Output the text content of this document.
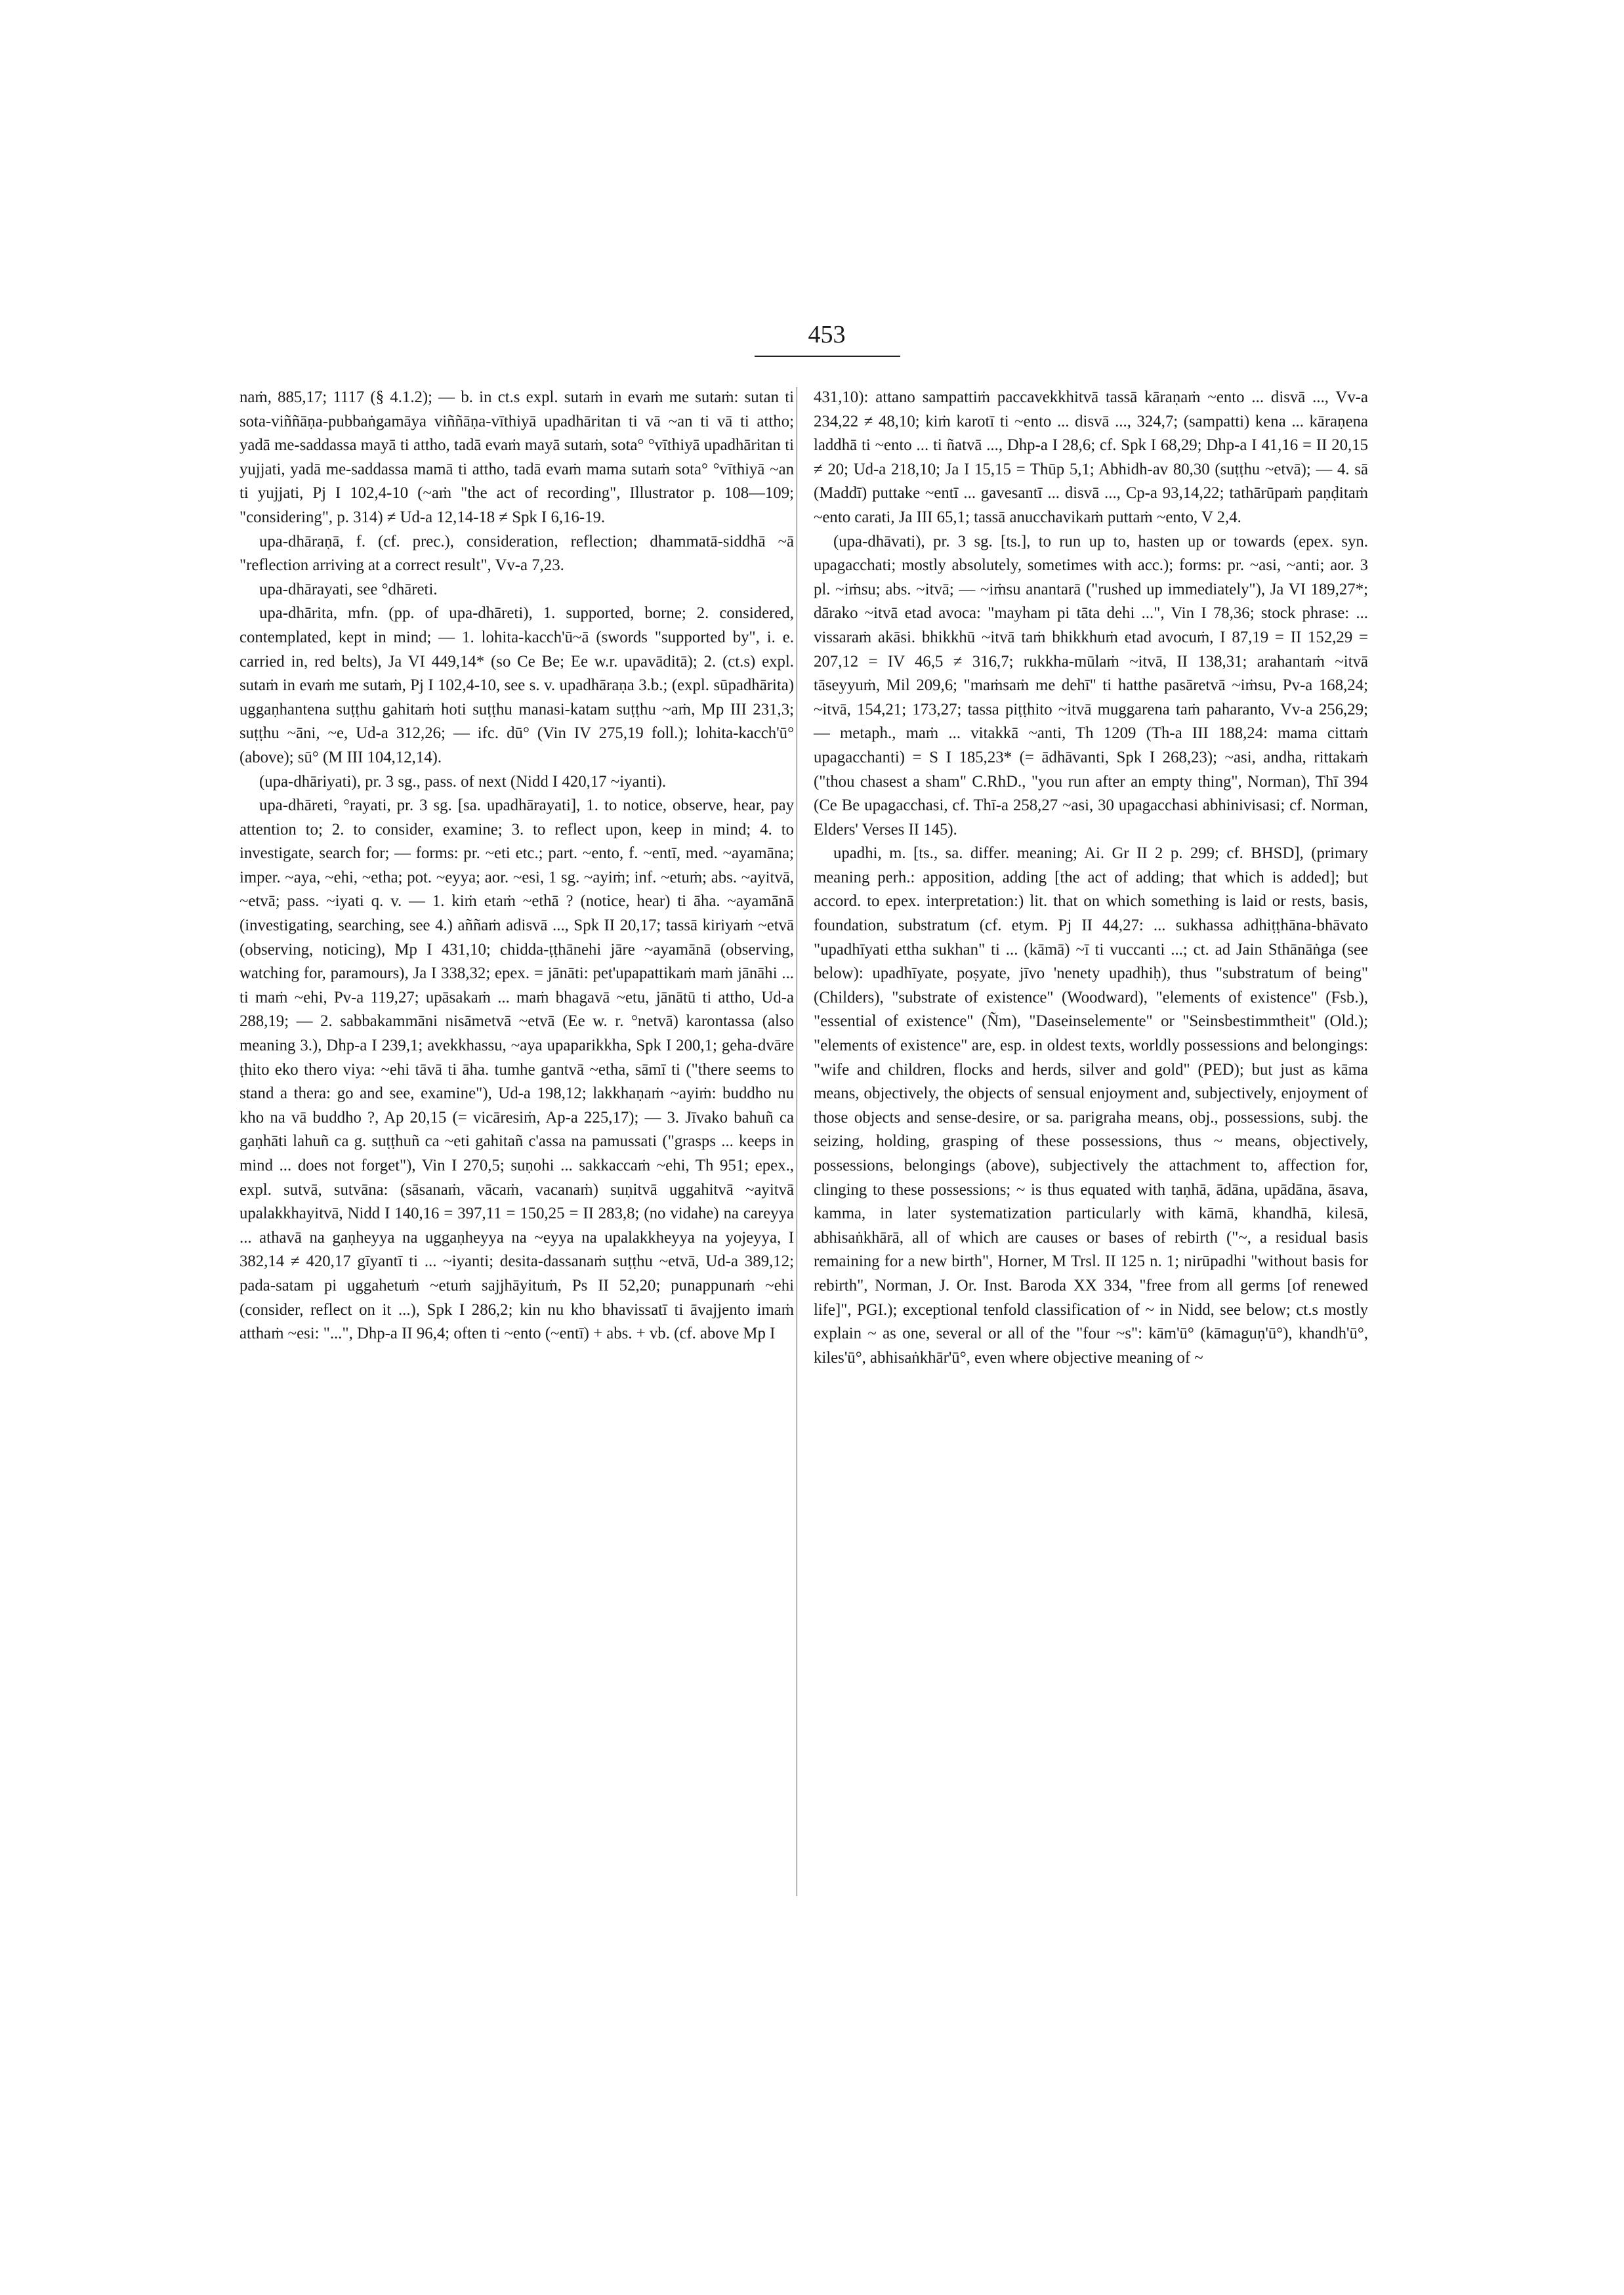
453

naṁ, 885,17; 1117 (§ 4.1.2); — b. in ct.s expl. sutaṁ in evaṁ me sutaṁ: sutan ti sota-viññāṇa-pubbaṅgamāya viññāṇa-vīthiyā upadhāritan ti vā ~an ti vā ti attho; yadā me-saddassa mayā ti attho, tadā evaṁ mayā sutaṁ, sota° °vīthiyā upadhāritan ti yujjati, yadā me-saddassa mamā ti attho, tadā evaṁ mama sutaṁ sota° °vīthiyā ~an ti yujjati, Pj I 102,4-10 (~aṁ "the act of recording", Illustrator p. 108—109; "considering", p. 314) ≠ Ud-a 12,14-18 ≠ Spk I 6,16-19.

upa-dhāraṇā, f. (cf. prec.), consideration, reflection; dhammatā-siddhā ~ā "reflection arriving at a correct result", Vv-a 7,23.

upa-dhārayati, see °dhāreti.

upa-dhārita, mfn. (pp. of upa-dhāreti), 1. supported, borne; 2. considered, contemplated, kept in mind; — 1. lohita-kacch'ū~ā (swords "supported by", i. e. carried in, red belts), Ja VI 449,14* (so Ce Be; Ee w.r. upavāditā); 2. (ct.s) expl. sutaṁ in evaṁ me sutaṁ, Pj I 102,4-10, see s. v. upadhāraṇa 3.b.; (expl. sūpadhārita) uggaṇhantena suṭṭhu gahitaṁ hoti suṭṭhu manasi-katam suṭṭhu ~aṁ, Mp III 231,3; suṭṭhu ~āni, ~e, Ud-a 312,26; — ifc. dū° (Vin IV 275,19 foll.); lohita-kacch'ū° (above); sū° (M III 104,12,14).

(upa-dhāriyati), pr. 3 sg., pass. of next (Nidd I 420,17 ~iyanti).

upa-dhāreti, °rayati, pr. 3 sg. [sa. upadhārayati], 1. to notice, observe, hear, pay attention to; 2. to consider, examine; 3. to reflect upon, keep in mind; 4. to investigate, search for; — forms: pr. ~eti etc.; part. ~ento, f. ~entī, med. ~ayamāna; imper. ~aya, ~ehi, ~etha; pot. ~eyya; aor. ~esi, 1 sg. ~ayiṁ; inf. ~etuṁ; abs. ~ayitvā, ~etvā; pass. ~iyati q. v. — 1. kiṁ etaṁ ~ethā ? (notice, hear) ti āha. ~ayamānā (investigating, searching, see 4.) aññaṁ adisvā ..., Spk II 20,17; tassā kiriyaṁ ~etvā (observing, noticing), Mp I 431,10; chidda-ṭṭhānehi jāre ~ayamānā (observing, watching for, paramours), Ja I 338,32; epex. = jānāti: pet'upapattikaṁ maṁ jānāhi ... ti maṁ ~ehi, Pv-a 119,27; upāsakaṁ ... maṁ bhagavā ~etu, jānātū ti attho, Ud-a 288,19; — 2. sabbakammāni nisāmetvā ~etvā (Ee w. r. °netvā) karontassa (also meaning 3.), Dhp-a I 239,1; avekkhassu, ~aya upaparikkha, Spk I 200,1; geha-dvāre ṭhito eko thero viya: ~ehi tāvā ti āha. tumhe gantvā ~etha, sāmī ti ("there seems to stand a thera: go and see, examine"), Ud-a 198,12; lakkhaṇaṁ ~ayiṁ: buddho nu kho na vā buddho ?, Ap 20,15 (= vicāresiṁ, Ap-a 225,17); — 3. Jīvako bahuñ ca gaṇhāti lahuñ ca g. suṭṭhuñ ca ~eti gahitañ c'assa na pamussati ("grasps ... keeps in mind ... does not forget"), Vin I 270,5; suṇohi ... sakkaccaṁ ~ehi, Th 951; epex., expl. sutvā, sutvāna: (sāsanaṁ, vācaṁ, vacanaṁ) suṇitvā uggahitvā ~ayitvā upalakkhayitvā, Nidd I 140,16 = 397,11 = 150,25 = II 283,8; (no vidahe) na careyya ... athavā na gaṇheyya na uggaṇheyya na ~eyya na upalakkheyya na yojeyya, I 382,14 ≠ 420,17 gīyantī ti ... ~iyanti; desita-dassanaṁ suṭṭhu ~etvā, Ud-a 389,12; pada-satam pi uggahetuṁ ~etuṁ sajjhāyituṁ, Ps II 52,20; punappunaṁ ~ehi (consider, reflect on it ...), Spk I 286,2; kin nu kho bhavissatī ti āvajjento imaṁ atthaṁ ~esi: "...", Dhp-a II 96,4; often ti ~ento (~entī) + abs. + vb. (cf. above Mp I

431,10): attano sampattiṁ paccavekkhitvā tassā kāraṇaṁ ~ento ... disvā ..., Vv-a 234,22 ≠ 48,10; kiṁ karotī ti ~ento ... disvā ..., 324,7; (sampatti) kena ... kāraṇena laddhā ti ~ento ... ti ñatvā ..., Dhp-a I 28,6; cf. Spk I 68,29; Dhp-a I 41,16 = II 20,15 ≠ 20; Ud-a 218,10; Ja I 15,15 = Thūp 5,1; Abhidh-av 80,30 (suṭṭhu ~etvā); — 4. sā (Maddī) puttake ~entī ... gavesantī ... disvā ..., Cp-a 93,14,22; tathārūpaṁ paṇḍitaṁ ~ento carati, Ja III 65,1; tassā anucchavikaṁ puttaṁ ~ento, V 2,4.

(upa-dhāvati), pr. 3 sg. [ts.], to run up to, hasten up or towards (epex. syn. upagacchati; mostly absolutely, sometimes with acc.); forms: pr. ~asi, ~anti; aor. 3 pl. ~iṁsu; abs. ~itvā; — ~iṁsu anantarā ("rushed up immediately"), Ja VI 189,27*; dārako ~itvā etad avoca: "mayham pi tāta dehi ...", Vin I 78,36; stock phrase: ... vissaraṁ akāsi. bhikkhū ~itvā taṁ bhikkhuṁ etad avocuṁ, I 87,19 = II 152,29 = 207,12 = IV 46,5 ≠ 316,7; rukkha-mūlaṁ ~itvā, II 138,31; arahantaṁ ~itvā tāseyyuṁ, Mil 209,6; "maṁsaṁ me dehī" ti hatthe pasāretvā ~iṁsu, Pv-a 168,24; ~itvā, 154,21; 173,27; tassa piṭṭhito ~itvā muggarena taṁ paharanto, Vv-a 256,29; — metaph., maṁ ... vitakkā ~anti, Th 1209 (Th-a III 188,24: mama cittaṁ upagacchanti) = S I 185,23* (= ādhāvanti, Spk I 268,23); ~asi, andha, rittakaṁ ("thou chasest a sham" C.RhD., "you run after an empty thing", Norman), Thī 394 (Ce Be upagacchasi, cf. Thī-a 258,27 ~asi, 30 upagacchasi abhinivisasi; cf. Norman, Elders' Verses II 145).

upadhi, m. [ts., sa. differ. meaning; Ai. Gr II 2 p. 299; cf. BHSD], (primary meaning perh.: apposition, adding [the act of adding; that which is added]; but accord. to epex. interpretation:) lit. that on which something is laid or rests, basis, foundation, substratum (cf. etym. Pj II 44,27: ... sukhassa adhiṭṭhāna-bhāvato "upadhīyati ettha sukhan" ti ... (kāmā) ~ī ti vuccanti ...; ct. ad Jain Sthānāṅga (see below): upadhīyate, poṣyate, jīvo 'nenety upadhiḥ), thus "substratum of being" (Childers), "substrate of existence" (Woodward), "elements of existence" (Fsb.), "essential of existence" (Ñm), "Daseinselemente" or "Seinsbestimmtheit" (Old.); "elements of existence" are, esp. in oldest texts, worldly possessions and belongings: "wife and children, flocks and herds, silver and gold" (PED); but just as kāma means, objectively, the objects of sensual enjoyment and, subjectively, enjoyment of those objects and sense-desire, or sa. parigraha means, obj., possessions, subj. the seizing, holding, grasping of these possessions, thus ~ means, objectively, possessions, belongings (above), subjectively the attachment to, affection for, clinging to these possessions; ~ is thus equated with taṇhā, ādāna, upādāna, āsava, kamma, in later systematization particularly with kāmā, khandhā, kilesā, abhisaṅkhārā, all of which are causes or bases of rebirth ("~, a residual basis remaining for a new birth", Horner, M Trsl. II 125 n. 1; nirūpadhi "without basis for rebirth", Norman, J. Or. Inst. Baroda XX 334, "free from all germs [of renewed life]", PGI.); exceptional tenfold classification of ~ in Nidd, see below; ct.s mostly explain ~ as one, several or all of the "four ~s": kām'ū° (kāmaguṇ'ū°), khandh'ū°, kiles'ū°, abhisaṅkhār'ū°, even where objective meaning of ~
